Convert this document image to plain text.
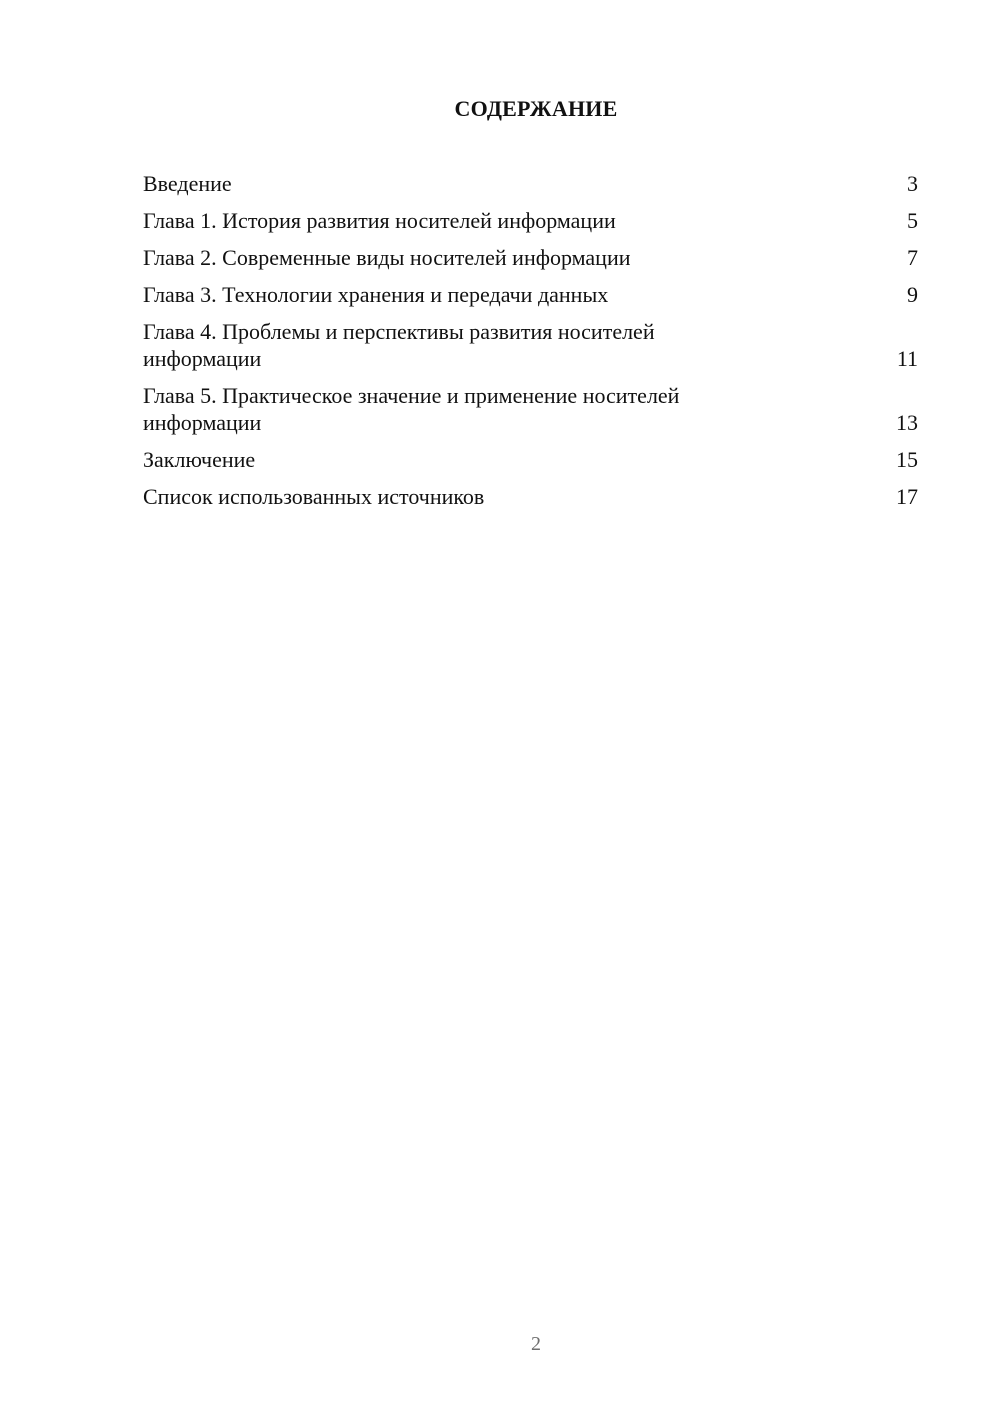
СОДЕРЖАНИЕ
Введение	3
Глава 1. История развития носителей информации	5
Глава 2. Современные виды носителей информации	7
Глава 3. Технологии хранения и передачи данных	9
Глава 4. Проблемы и перспективы развития носителей информации	11
Глава 5. Практическое значение и применение носителей информации	13
Заключение	15
Список использованных источников	17
2
